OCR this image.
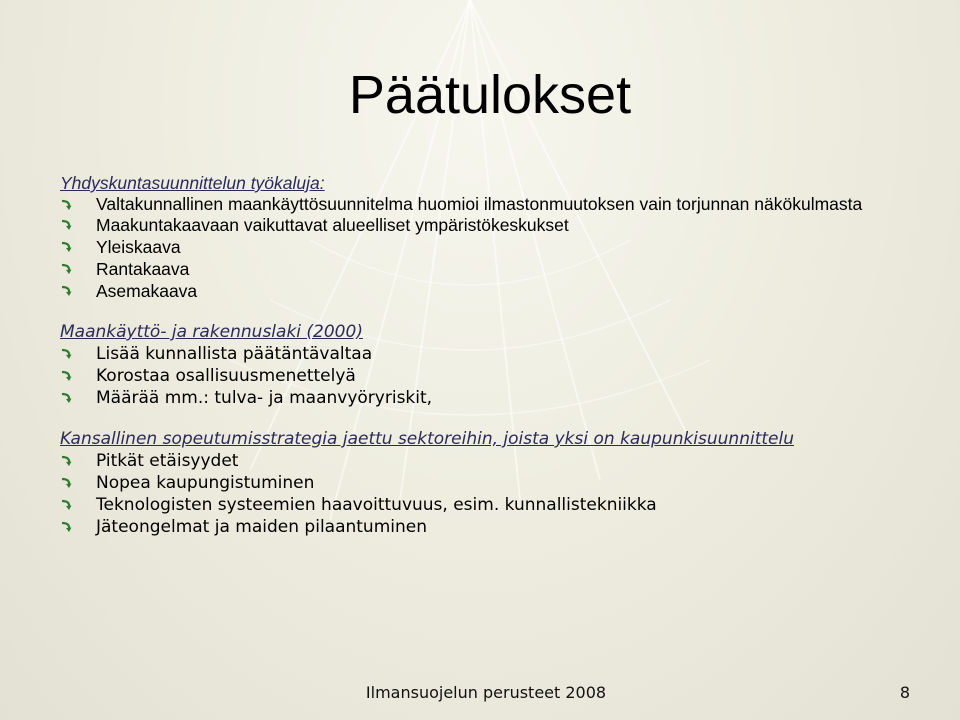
Päätulokset
Yhdyskuntasuunnittelun työkaluja:
Valtakunnallinen maankäyttösuunnitelma huomioi ilmastonmuutoksen vain torjunnan näkökulmasta
Maakuntakaavaan vaikuttavat alueelliset ympäristökeskukset
Yleiskaava
Rantakaava
Asemakaava
Maankäyttö- ja rakennuslaki (2000)
Lisää kunnallista päätäntävaltaa
Korostaa osallisuusmenettelyä
Määrää mm.: tulva- ja maanvyöryriskit,
Kansallinen sopeutumisstrategia jaettu sektoreihin, joista yksi on kaupunkisuunnittelu
Pitkät etäisyydet
Nopea kaupungistuminen
Teknologisten systeemien haavoittuvuus, esim. kunnallistekniikka
Jäteongelmat ja maiden pilaantuminen
Ilmansuojelun perusteet 2008	8
